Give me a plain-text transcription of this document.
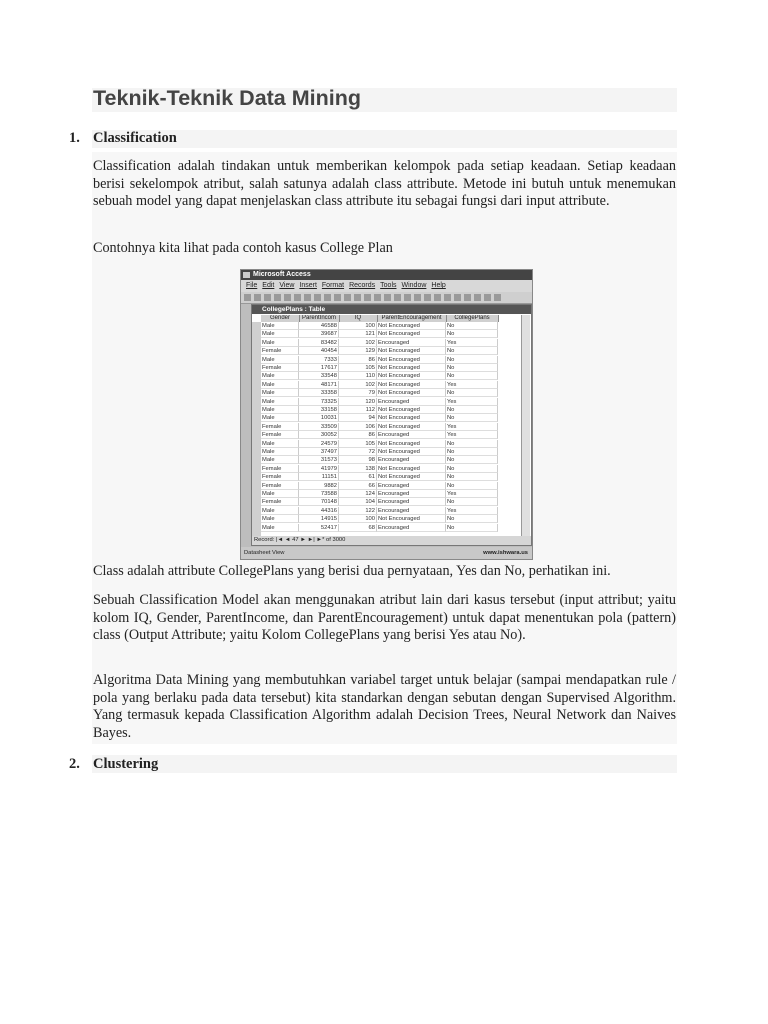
Teknik-Teknik Data Mining
1. Classification

Classification adalah tindakan untuk memberikan kelompok pada setiap keadaan. Setiap keadaan berisi sekelompok atribut, salah satunya adalah class attribute. Metode ini butuh untuk menemukan sebuah model yang dapat menjelaskan class attribute itu sebagai fungsi dari input attribute.

Contohnya kita lihat pada contoh kasus College Plan

Microsoft Access
File Edit View Insert Format Records Tools Window Help
CollegePlans : Table
Gender	ParentIncom	IQ	ParentEncouragement	CollegePlans
Male	46588	100 Not Encouraged	No
Male	39687	121 Not Encouraged	No
Male	83482	102 Encouraged	Yes
Female	40454	129 Not Encouraged	No
Male	7333	86 Not Encouraged	No
Female	17617	105 Not Encouraged	No
Male	33548	110 Not Encouraged	No
Male	48171	102 Not Encouraged	Yes
Male	33358	79 Not Encouraged	No
Male	73325	120 Encouraged	Yes
Male	33158	112 Not Encouraged	No
Male	10031	94 Not Encouraged	No
Female	33509	106 Not Encouraged	Yes
Female	30052	86 Encouraged	Yes
Male	24579	105 Not Encouraged	No
Male	37497	72 Not Encouraged	No
Male	31573	98 Encouraged	No
Female	41979	138 Not Encouraged	No
Female	11151	61 Not Encouraged	No
Female	9882	66 Encouraged	No
Male	73588	124 Encouraged	Yes
Female	70148	104 Encouraged	No
Male	44316	122 Encouraged	Yes
Male	14915	100 Not Encouraged	No
Male	52417	68 Encouraged	No
Record: |◄ ◄ 47 ► ►| ►* of 3000
Datasheet View	www.ishwara.us

Class adalah attribute CollegePlans yang berisi dua pernyataan, Yes dan No, perhatikan ini.

Sebuah Classification Model akan menggunakan atribut lain dari kasus tersebut (input attribut; yaitu kolom IQ, Gender, ParentIncome, dan ParentEncouragement) untuk dapat menentukan pola (pattern) class (Output Attribute; yaitu Kolom CollegePlans yang berisi Yes atau No).

Algoritma Data Mining yang membutuhkan variabel target untuk belajar (sampai mendapatkan rule / pola yang berlaku pada data tersebut) kita standarkan dengan sebutan dengan Supervised Algorithm. Yang termasuk kepada Classification Algorithm adalah Decision Trees, Neural Network dan Naives Bayes.

2. Clustering
